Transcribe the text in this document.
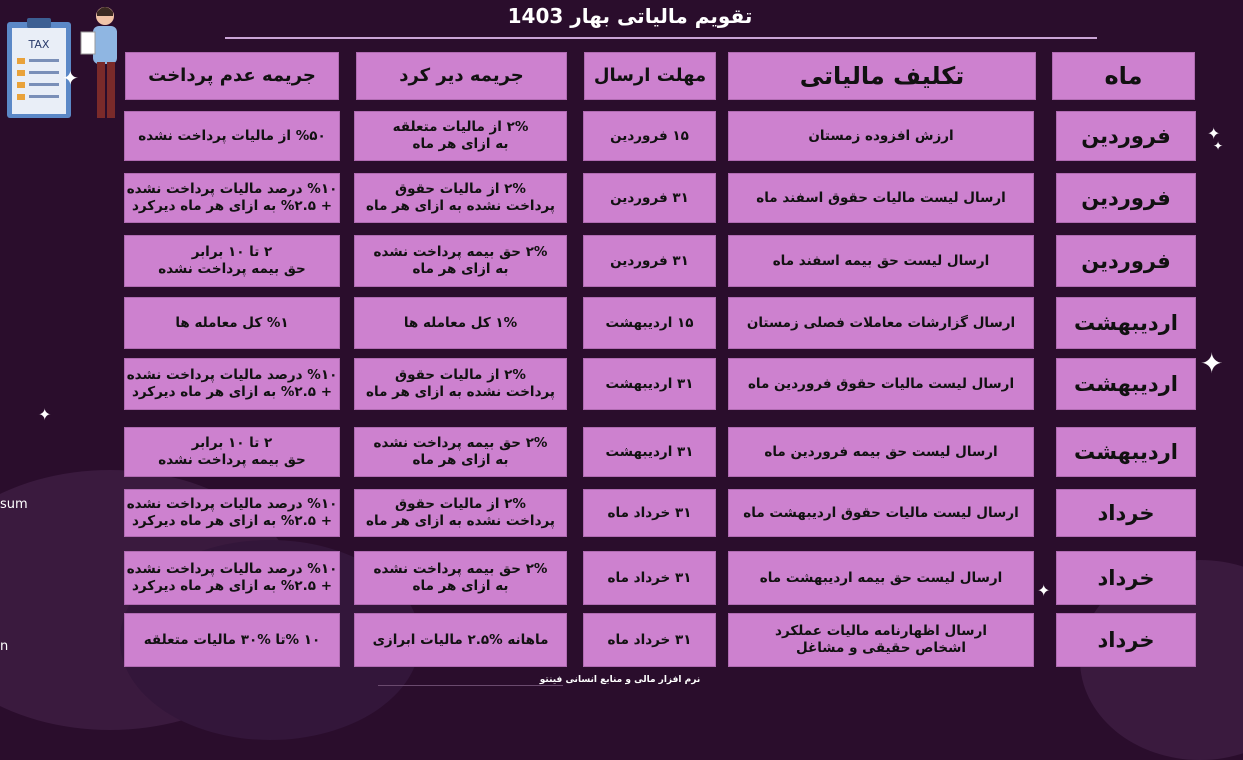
TAX
✦
✦
✦
✦
✦
✦
sum
n
تقویم مالیاتی بهار 1403
ماه
تکلیف مالیاتی
مهلت ارسال
جریمه دیر کرد
جریمه عدم پرداخت
فروردین
ارزش افزوده زمستان
۱۵ فروردین
۲% از مالیات متعلقه
به ازای هر ماه
%۵۰ از مالیات پرداخت نشده
فروردین
ارسال لیست مالیات حقوق اسفند ماه
۳۱ فروردین
۲% از مالیات حقوق
پرداخت نشده به ازای هر ماه
%۱۰ درصد مالیات پرداخت نشده
+ %۲.۵ به ازای هر ماه دیرکرد
فروردین
ارسال لیست حق بیمه اسفند ماه
۳۱ فروردین
۲% حق بیمه پرداخت نشده
به ازای هر ماه
۲ تا ۱۰ برابر
حق بیمه پرداخت نشده
اردیبهشت
ارسال گزارشات معاملات فصلی زمستان
۱۵ اردیبهشت
۱% کل معامله ها
%۱ کل معامله ها
اردیبهشت
ارسال لیست مالیات حقوق فروردین ماه
۳۱ اردیبهشت
۲% از مالیات حقوق
پرداخت نشده به ازای هر ماه
%۱۰ درصد مالیات پرداخت نشده
+ %۲.۵ به ازای هر ماه دیرکرد
اردیبهشت
ارسال لیست حق بیمه فروردین ماه
۳۱ اردیبهشت
۲% حق بیمه پرداخت نشده
به ازای هر ماه
۲ تا ۱۰ برابر
حق بیمه پرداخت نشده
خرداد
ارسال لیست مالیات حقوق اردیبهشت ماه
۳۱ خرداد ماه
۲% از مالیات حقوق
پرداخت نشده به ازای هر ماه
%۱۰ درصد مالیات پرداخت نشده
+ %۲.۵ به ازای هر ماه دیرکرد
خرداد
ارسال لیست حق بیمه اردیبهشت ماه
۳۱ خرداد ماه
۲% حق بیمه پرداخت نشده
به ازای هر ماه
%۱۰ درصد مالیات پرداخت نشده
+ %۲.۵ به ازای هر ماه دیرکرد
خرداد
ارسال اظهارنامه مالیات عملکرد
اشخاص حقیقی و مشاغل
۳۱ خرداد ماه
ماهانه %۲.۵ مالیات ابرازی
۱۰ %تا %۳۰ مالیات متعلقه
نرم افزار مالی و منابع انسانی فینتو
